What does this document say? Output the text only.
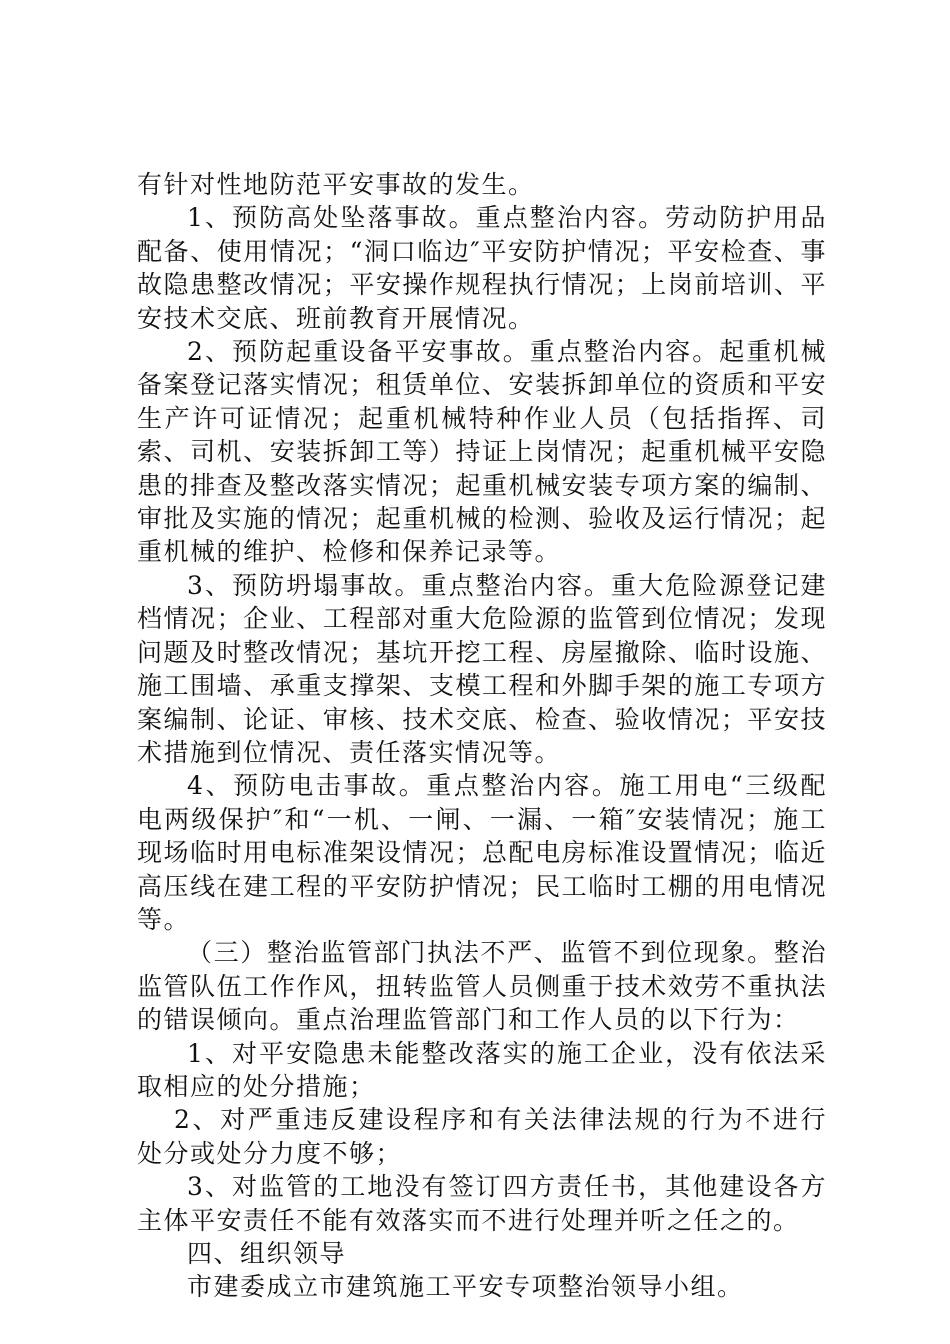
有针对性地防范平安事故的发生。

1、预防高处坠落事故。重点整治内容。劳动防护用品配备、使用情况；“洞口临边″平安防护情况；平安检查、事故隐患整改情况；平安操作规程执行情况；上岗前培训、平安技术交底、班前教育开展情况。

2、预防起重设备平安事故。重点整治内容。起重机械备案登记落实情况；租赁单位、安装拆卸单位的资质和平安生产许可证情况；起重机械特种作业人员（包括指挥、司索、司机、安装拆卸工等）持证上岗情况；起重机械平安隐患的排查及整改落实情况；起重机械安装专项方案的编制、审批及实施的情况；起重机械的检测、验收及运行情况；起重机械的维护、检修和保养记录等。

3、预防坍塌事故。重点整治内容。重大危险源登记建档情况；企业、工程部对重大危险源的监管到位情况；发现问题及时整改情况；基坑开挖工程、房屋撤除、临时设施、施工围墙、承重支撑架、支模工程和外脚手架的施工专项方案编制、论证、审核、技术交底、检查、验收情况；平安技术措施到位情况、责任落实情况等。

4、预防电击事故。重点整治内容。施工用电“三级配电两级保护″和“一机、一闸、一漏、一箱″安装情况；施工现场临时用电标准架设情况；总配电房标准设置情况；临近高压线在建工程的平安防护情况；民工临时工棚的用电情况等。

（三）整治监管部门执法不严、监管不到位现象。整治监管队伍工作作风，扭转监管人员侧重于技术效劳不重执法的错误倾向。重点治理监管部门和工作人员的以下行为：

1、对平安隐患未能整改落实的施工企业，没有依法采取相应的处分措施；

2、对严重违反建设程序和有关法律法规的行为不进行处分或处分力度不够；

3、对监管的工地没有签订四方责任书，其他建设各方主体平安责任不能有效落实而不进行处理并听之任之的。

四、组织领导

市建委成立市建筑施工平安专项整治领导小组。
